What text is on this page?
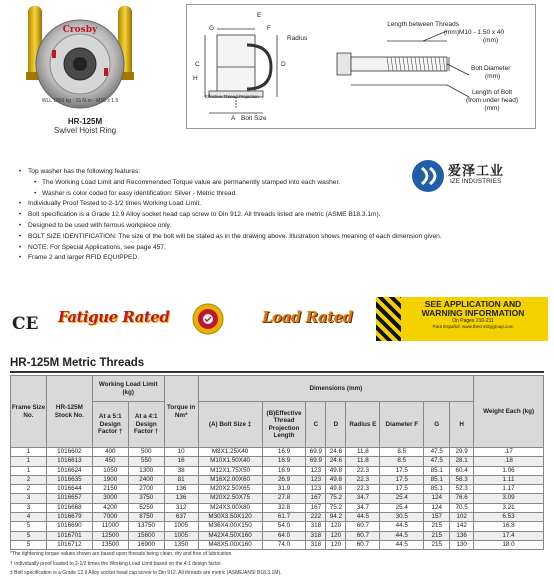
Crosby
WLL 1000 kg · 16 N·m · M10 x 1.5
HR-125M
Swivel Hoist Ring
E
Radius
C	D
Effective Thread Projection
A Bolt Size
F
G
H
Length between Threads
(mm) M10 - 1.50 x 40
(mm)
Bolt Diameter
(mm)
Length of Bolt
(from under head)
(mm)
• Top washer has the following features:
• The Working Load Limit and Recommended Torque value are permanently stamped into each washer.
• Washer is color coded for easy identification: Silver - Metric thread.
• Individually Proof Tested to 2-1/2 times Working Load Limit.
• Bolt specification is a Grade 12.9 Alloy socket head cap screw to Din 912. All threads listed are metric (ASME B18.3.1m).
• Designed to be used with ferrous workpiece only.
• BOLT SIZE IDENTIFICATION: The size of the bolt will be stated as in the drawing above. Illustration shows meaning of each dimension given.
• NOTE: For Special Applications, see page 457.
• Frame 2 and larger RFID EQUIPPED.
爱泽工业
IZE INDUSTRIES
CE Fatigue Rated	Load Rated
SEE APPLICATION AND
WARNING INFORMATION
On Pages 210-211
Para Español: www.thecrosbygroup.com
HR-125M Metric Threads
Frame Size No.	HR-125M Stock No.	Working Load Limit (kg)		Torque in Nm*	Dimensions (mm)								Weight Each (kg)
		At a 5:1 Design Factor †	At a 4:1 Design Factor †		(A) Bolt Size ‡	(B)Effective Thread Projection Length	C	D	Radius E	Diameter F	G	H	

1	1016602	400	500	10	M8X1.25X40	16.9	69.9	24.6	11.8	8.5	47.5	29.9	.17
1	1016613	450	550	16	M10X1.50X40	16.9	69.9	24.6	11.8	8.5	47.5	28.1	.18
1	1016624	1050	1300	38	M12X1.75X50	16.9	123	49.8	22.3	17.5	85.1	60.4	1.06
2	1016635	1900	2400	81	M16X2.00X60	26.9	123	49.8	22.3	17.5	85.1	56.3	1.11
2	1016644	2150	2700	136	M20X2.50X65	31.9	123	49.8	22.3	17.5	85.1	52.3	1.17
3	1016657	3000	3750	136	M20X2.50X75	27.8	167	75.2	34.7	25.4	124	76.6	3.09
3	1016668	4200	5250	312	M24X3.00X80	32.8	167	75.2	34.7	25.4	124	70.5	3.21
4	1016679	7000	8750	637	M30X3.50X120	61.7	222	94.2	44.5	30.5	157	102	6.53
5	1016690	11000	13750	1005	M36X4.00X150	54.0	318	120	60.7	44.5	215	142	16.8
5	1016701	12500	15600	1005	M42X4.50X160	64.0	318	120	60.7	44.5	215	136	17.4
5	1016712	13500	16900	1350	M48X5.00X160	74.0	318	120	60.7	44.5	215	130	18.0
*The tightening torque values shown are based upon threads being clean, dry and free of lubrication.
† Individually proof loaded to 2-1/2 times the Working Load Limit based on the 4:1 design factor.
‡ Bolt specification is a Grade 12.9 Alloy socket head cap screw to Din 912. All threads are metric (ASME/ANSI B18.3.1M).
